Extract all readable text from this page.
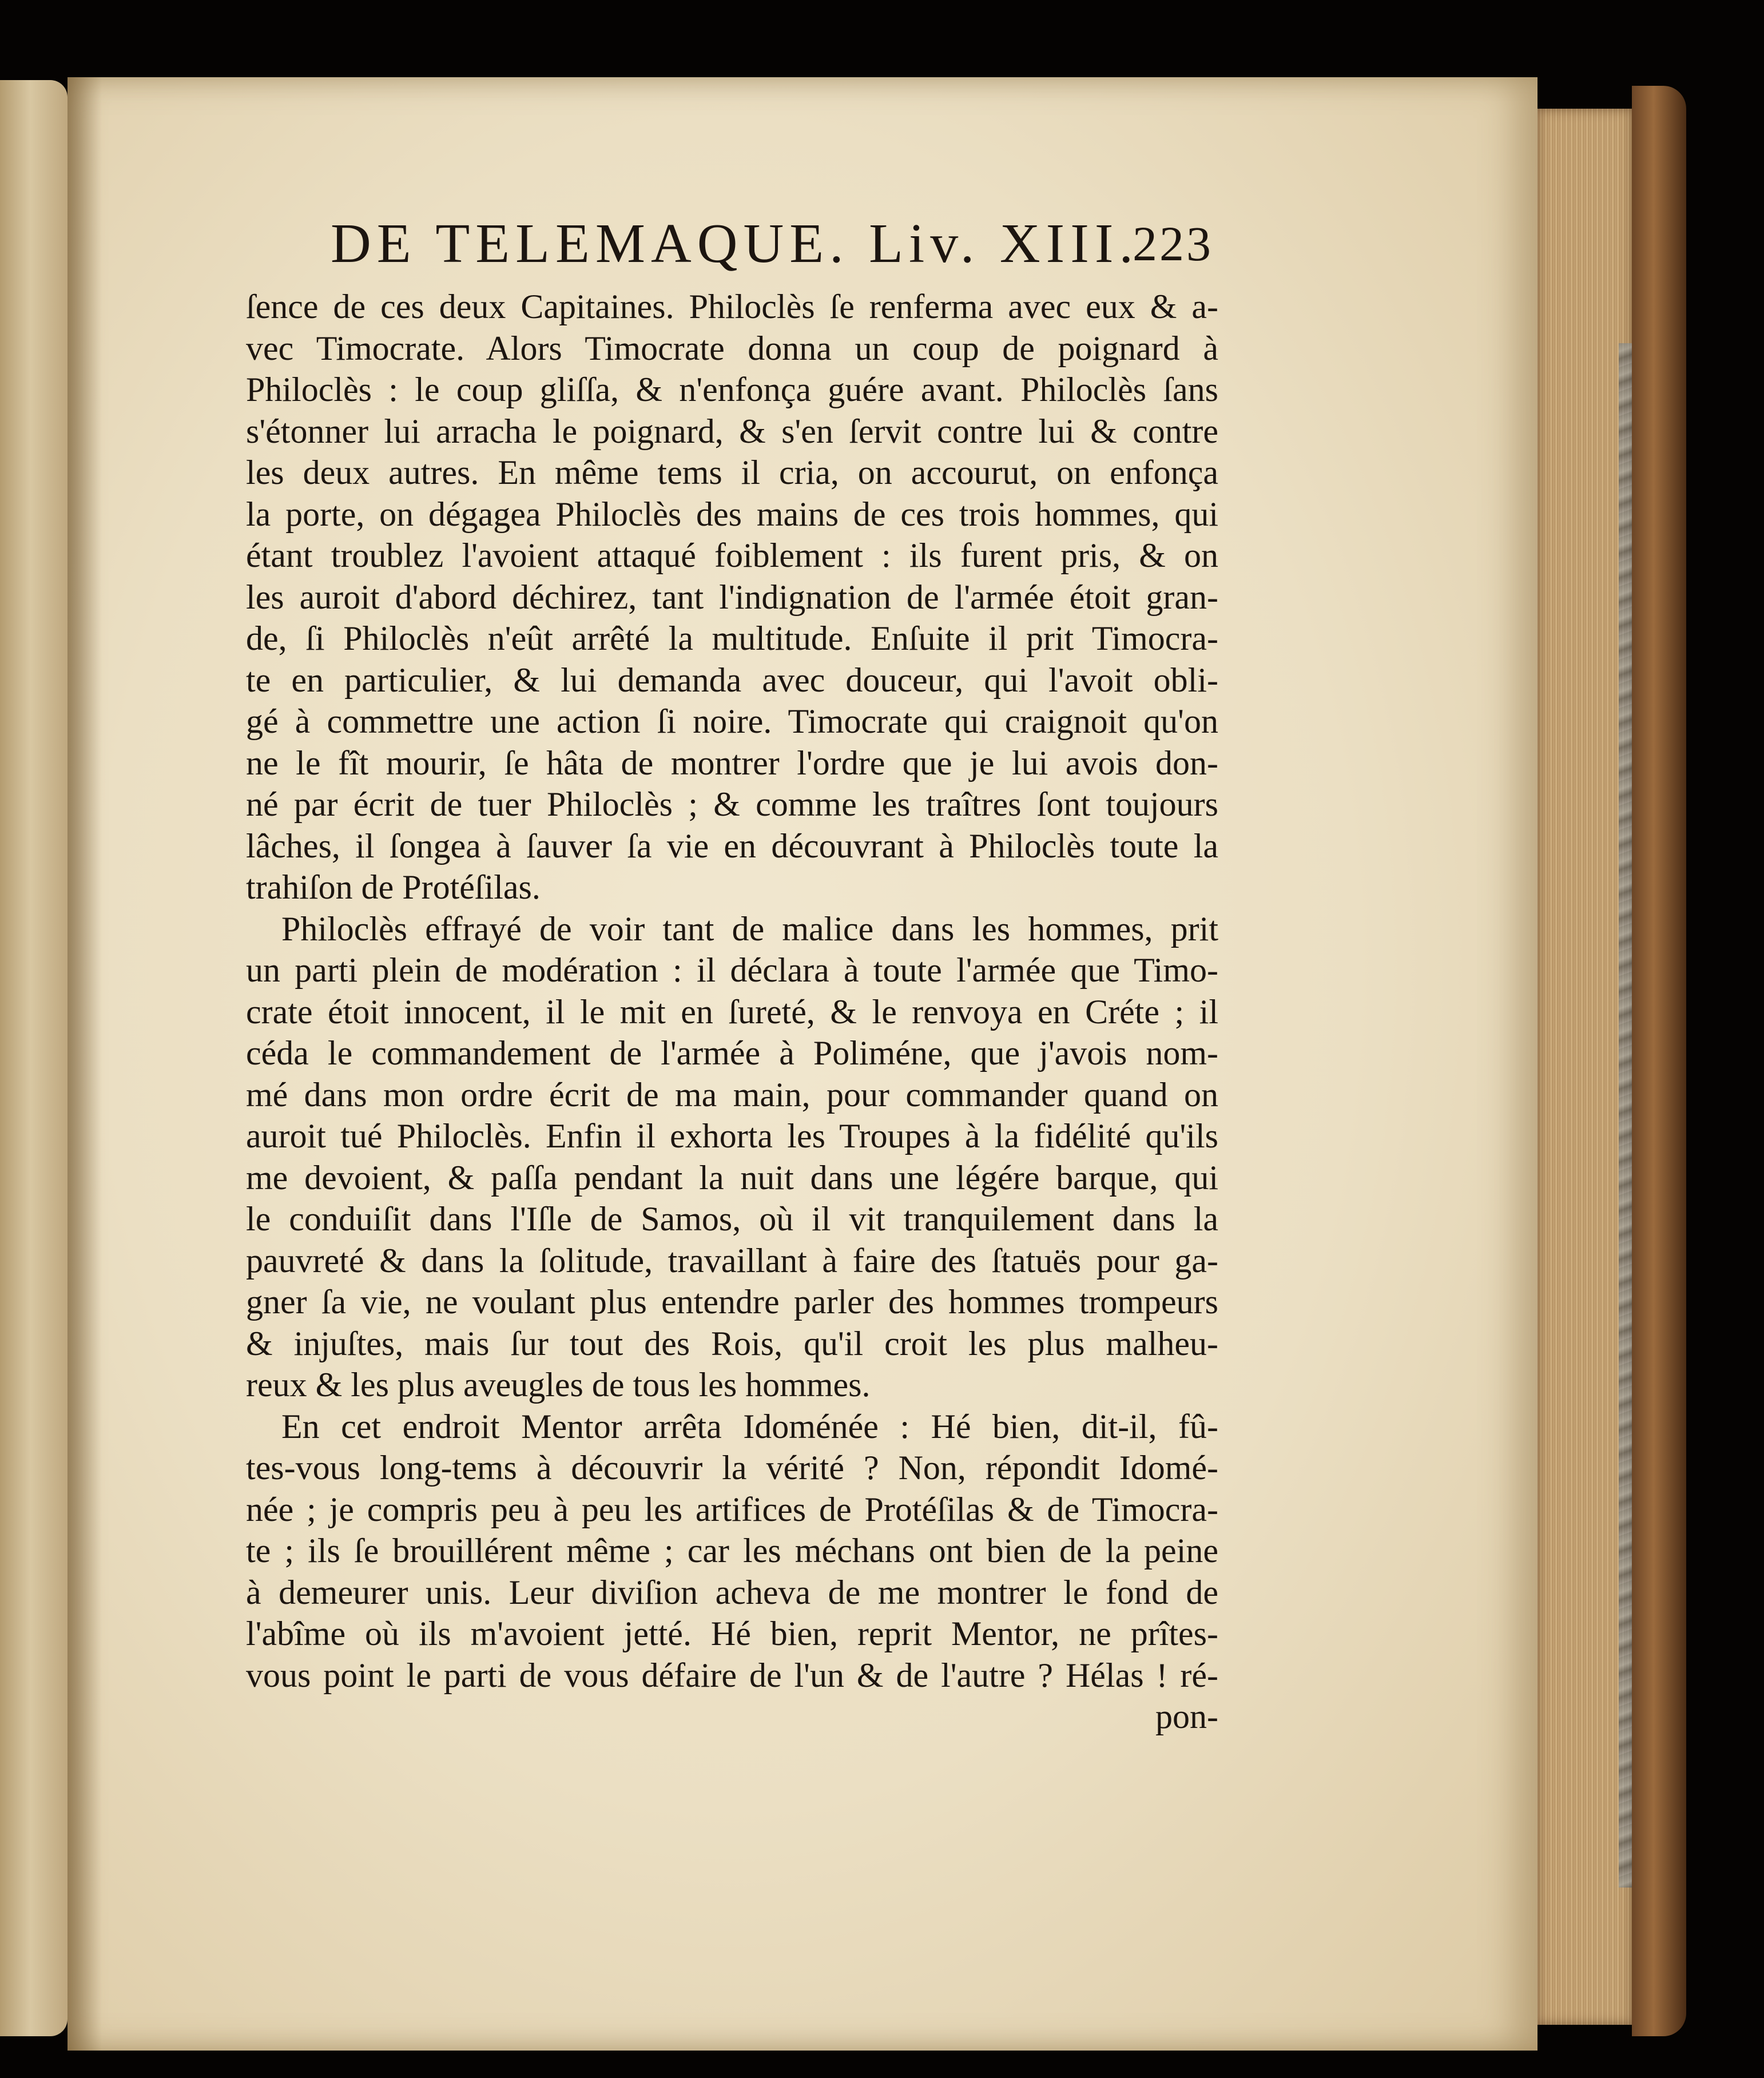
DE TELEMAQUE. Liv. XIII.
223
ſence de ces deux Capitaines. Philoclès ſe renferma avec eux & a-
vec Timocrate. Alors Timocrate donna un coup de poignard à
Philoclès : le coup gliſſa, & n'enfonça guére avant. Philoclès ſans
s'étonner lui arracha le poignard, & s'en ſervit contre lui & contre
les deux autres. En même tems il cria, on accourut, on enfonça
la porte, on dégagea Philoclès des mains de ces trois hommes, qui
étant troublez l'avoient attaqué foiblement : ils furent pris, & on
les auroit d'abord déchirez, tant l'indignation de l'armée étoit gran-
de, ſi Philoclès n'eût arrêté la multitude. Enſuite il prit Timocra-
te en particulier, & lui demanda avec douceur, qui l'avoit obli-
gé à commettre une action ſi noire. Timocrate qui craignoit qu'on
ne le fît mourir, ſe hâta de montrer l'ordre que je lui avois don-
né par écrit de tuer Philoclès ; & comme les traîtres ſont toujours
lâches, il ſongea à ſauver ſa vie en découvrant à Philoclès toute la
trahiſon de Protéſilas.
Philoclès effrayé de voir tant de malice dans les hommes, prit
un parti plein de modération : il déclara à toute l'armée que Timo-
crate étoit innocent, il le mit en ſureté, & le renvoya en Créte ; il
céda le commandement de l'armée à Poliméne, que j'avois nom-
mé dans mon ordre écrit de ma main, pour commander quand on
auroit tué Philoclès. Enfin il exhorta les Troupes à la fidélité qu'ils
me devoient, & paſſa pendant la nuit dans une légére barque, qui
le conduiſit dans l'Iſle de Samos, où il vit tranquilement dans la
pauvreté & dans la ſolitude, travaillant à faire des ſtatuës pour ga-
gner ſa vie, ne voulant plus entendre parler des hommes trompeurs
& injuſtes, mais ſur tout des Rois, qu'il croit les plus malheu-
reux & les plus aveugles de tous les hommes.
En cet endroit Mentor arrêta Idoménée : Hé bien, dit-il, fû-
tes-vous long-tems à découvrir la vérité ? Non, répondit Idomé-
née ; je compris peu à peu les artifices de Protéſilas & de Timocra-
te ; ils ſe brouillérent même ; car les méchans ont bien de la peine
à demeurer unis. Leur diviſion acheva de me montrer le fond de
l'abîme où ils m'avoient jetté. Hé bien, reprit Mentor, ne prîtes-
vous point le parti de vous défaire de l'un & de l'autre ? Hélas ! ré-
pon-
